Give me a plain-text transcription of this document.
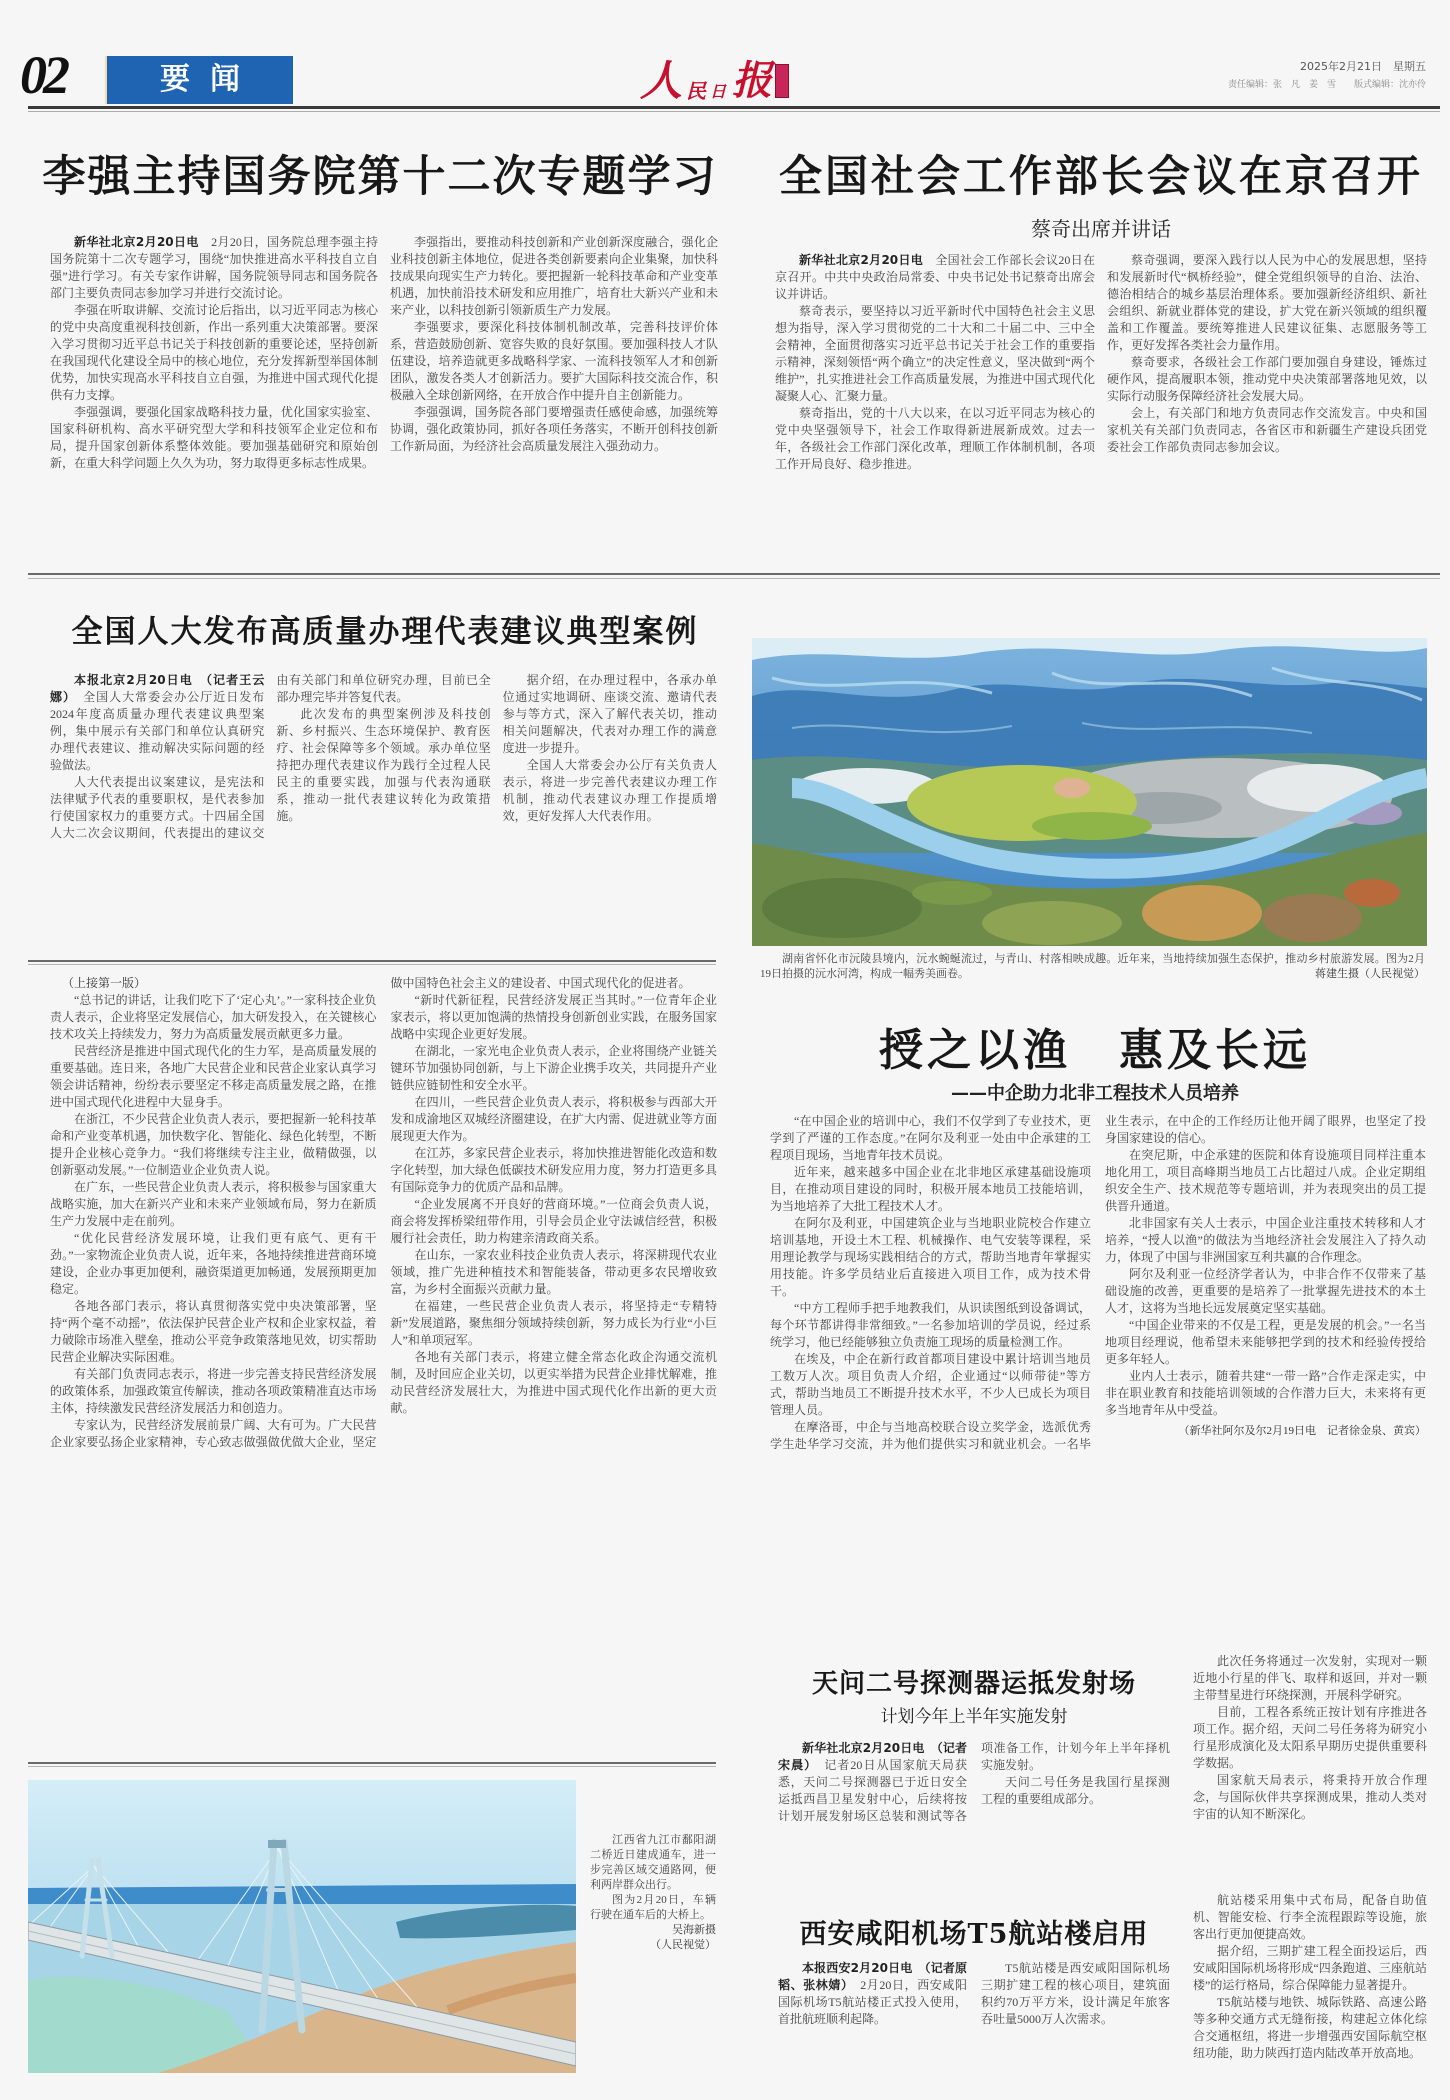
02	要闻	人 民 日 报	2025年2月21日　星期五
责任编辑：张　凡　姜　雪　　版式编辑：沈亦伶
李强主持国务院第十二次专题学习

新华社北京2月20日电　 2月20日，国务院总理李强主持国务院第十二次专题学习，围绕“加快推进高水平科技自立自强”进行学习。有关专家作讲解，国务院领导同志和国务院各部门主要负责同志参加学习并进行交流讨论。

李强在听取讲解、交流讨论后指出，以习近平同志为核心的党中央高度重视科技创新，作出一系列重大决策部署。要深入学习贯彻习近平总书记关于科技创新的重要论述，坚持创新在我国现代化建设全局中的核心地位，充分发挥新型举国体制优势，加快实现高水平科技自立自强，为推进中国式现代化提供有力支撑。

李强强调，要强化国家战略科技力量，优化国家实验室、国家科研机构、高水平研究型大学和科技领军企业定位和布局，提升国家创新体系整体效能。要加强基础研究和原始创新，在重大科学问题上久久为功，努力取得更多标志性成果。

李强指出，要推动科技创新和产业创新深度融合，强化企业科技创新主体地位，促进各类创新要素向企业集聚，加快科技成果向现实生产力转化。要把握新一轮科技革命和产业变革机遇，加快前沿技术研发和应用推广，培育壮大新兴产业和未来产业，以科技创新引领新质生产力发展。

李强要求，要深化科技体制机制改革，完善科技评价体系，营造鼓励创新、宽容失败的良好氛围。要加强科技人才队伍建设，培养造就更多战略科学家、一流科技领军人才和创新团队，激发各类人才创新活力。要扩大国际科技交流合作，积极融入全球创新网络，在开放合作中提升自主创新能力。

李强强调，国务院各部门要增强责任感使命感，加强统筹协调，强化政策协同，抓好各项任务落实，不断开创科技创新工作新局面，为经济社会高质量发展注入强劲动力。

全国社会工作部长会议在京召开
蔡奇出席并讲话

新华社北京2月20日电　 全国社会工作部长会议20日在京召开。中共中央政治局常委、中央书记处书记蔡奇出席会议并讲话。

蔡奇表示，要坚持以习近平新时代中国特色社会主义思想为指导，深入学习贯彻党的二十大和二十届二中、三中全会精神，全面贯彻落实习近平总书记关于社会工作的重要指示精神，深刻领悟“两个确立”的决定性意义，坚决做到“两个维护”，扎实推进社会工作高质量发展，为推进中国式现代化凝聚人心、汇聚力量。

蔡奇指出，党的十八大以来，在以习近平同志为核心的党中央坚强领导下，社会工作取得新进展新成效。过去一年，各级社会工作部门深化改革，理顺工作体制机制，各项工作开局良好、稳步推进。

蔡奇强调，要深入践行以人民为中心的发展思想，坚持和发展新时代“枫桥经验”，健全党组织领导的自治、法治、德治相结合的城乡基层治理体系。要加强新经济组织、新社会组织、新就业群体党的建设，扩大党在新兴领域的组织覆盖和工作覆盖。要统筹推进人民建议征集、志愿服务等工作，更好发挥各类社会力量作用。

蔡奇要求，各级社会工作部门要加强自身建设，锤炼过硬作风，提高履职本领，推动党中央决策部署落地见效，以实际行动服务保障经济社会发展大局。

会上，有关部门和地方负责同志作交流发言。中央和国家机关有关部门负责同志，各省区市和新疆生产建设兵团党委社会工作部负责同志参加会议。

全国人大发布高质量办理代表建议典型案例

本报北京2月20日电　（记者王云娜）　 全国人大常委会办公厅近日发布2024年度高质量办理代表建议典型案例，集中展示有关部门和单位认真研究办理代表建议、推动解决实际问题的经验做法。

人大代表提出议案建议，是宪法和法律赋予代表的重要职权，是代表参加行使国家权力的重要方式。十四届全国人大二次会议期间，代表提出的建议交由有关部门和单位研究办理，目前已全部办理完毕并答复代表。

此次发布的典型案例涉及科技创新、乡村振兴、生态环境保护、教育医疗、社会保障等多个领域。承办单位坚持把办理代表建议作为践行全过程人民民主的重要实践，加强与代表沟通联系，推动一批代表建议转化为政策措施。

据介绍，在办理过程中，各承办单位通过实地调研、座谈交流、邀请代表参与等方式，深入了解代表关切，推动相关问题解决，代表对办理工作的满意度进一步提升。

全国人大常委会办公厅有关负责人表示，将进一步完善代表建议办理工作机制，推动代表建议办理工作提质增效，更好发挥人大代表作用。

湖南省怀化市沅陵县境内，沅水蜿蜒流过，与青山、村落相映成趣。近年来，当地持续加强生态保护，推动乡村旅游发展。图为2月19日拍摄的沅水河湾，构成一幅秀美画卷。	蒋建生摄（人民视觉）

（上接第一版）

“总书记的讲话，让我们吃下了‘定心丸’。”一家科技企业负责人表示，企业将坚定发展信心，加大研发投入，在关键核心技术攻关上持续发力，努力为高质量发展贡献更多力量。

民营经济是推进中国式现代化的生力军，是高质量发展的重要基础。连日来，各地广大民营企业和民营企业家认真学习领会讲话精神，纷纷表示要坚定不移走高质量发展之路，在推进中国式现代化进程中大显身手。

在浙江，不少民营企业负责人表示，要把握新一轮科技革命和产业变革机遇，加快数字化、智能化、绿色化转型，不断提升企业核心竞争力。“我们将继续专注主业，做精做强，以创新驱动发展。”一位制造业企业负责人说。

在广东，一些民营企业负责人表示，将积极参与国家重大战略实施，加大在新兴产业和未来产业领域布局，努力在新质生产力发展中走在前列。

“优化民营经济发展环境，让我们更有底气、更有干劲。”一家物流企业负责人说，近年来，各地持续推进营商环境建设，企业办事更加便利，融资渠道更加畅通，发展预期更加稳定。

各地各部门表示，将认真贯彻落实党中央决策部署，坚持“两个毫不动摇”，依法保护民营企业产权和企业家权益，着力破除市场准入壁垒，推动公平竞争政策落地见效，切实帮助民营企业解决实际困难。

有关部门负责同志表示，将进一步完善支持民营经济发展的政策体系，加强政策宣传解读，推动各项政策精准直达市场主体，持续激发民营经济发展活力和创造力。

专家认为，民营经济发展前景广阔、大有可为。广大民营企业家要弘扬企业家精神，专心致志做强做优做大企业，坚定做中国特色社会主义的建设者、中国式现代化的促进者。

“新时代新征程，民营经济发展正当其时。”一位青年企业家表示，将以更加饱满的热情投身创新创业实践，在服务国家战略中实现企业更好发展。

在湖北，一家光电企业负责人表示，企业将围绕产业链关键环节加强协同创新，与上下游企业携手攻关，共同提升产业链供应链韧性和安全水平。

在四川，一些民营企业负责人表示，将积极参与西部大开发和成渝地区双城经济圈建设，在扩大内需、促进就业等方面展现更大作为。

在江苏，多家民营企业表示，将加快推进智能化改造和数字化转型，加大绿色低碳技术研发应用力度，努力打造更多具有国际竞争力的优质产品和品牌。

“企业发展离不开良好的营商环境。”一位商会负责人说，商会将发挥桥梁纽带作用，引导会员企业守法诚信经营，积极履行社会责任，助力构建亲清政商关系。

在山东，一家农业科技企业负责人表示，将深耕现代农业领域，推广先进种植技术和智能装备，带动更多农民增收致富，为乡村全面振兴贡献力量。

在福建，一些民营企业负责人表示，将坚持走“专精特新”发展道路，聚焦细分领域持续创新，努力成长为行业“小巨人”和单项冠军。

各地有关部门表示，将建立健全常态化政企沟通交流机制，及时回应企业关切，以更实举措为民营企业排忧解难，推动民营经济发展壮大，为推进中国式现代化作出新的更大贡献。

江西省九江市鄱阳湖二桥近日建成通车，进一步完善区域交通路网，便利两岸群众出行。

图为2月20日，车辆行驶在通车后的大桥上。

吴海新摄
（人民视觉）
授之以渔　惠及长远
——中企助力北非工程技术人员培养

“在中国企业的培训中心，我们不仅学到了专业技术，更学到了严谨的工作态度。”在阿尔及利亚一处由中企承建的工程项目现场，当地青年技术员说。

近年来，越来越多中国企业在北非地区承建基础设施项目，在推动项目建设的同时，积极开展本地员工技能培训，为当地培养了大批工程技术人才。

在阿尔及利亚，中国建筑企业与当地职业院校合作建立培训基地，开设土木工程、机械操作、电气安装等课程，采用理论教学与现场实践相结合的方式，帮助当地青年掌握实用技能。许多学员结业后直接进入项目工作，成为技术骨干。

“中方工程师手把手地教我们，从识读图纸到设备调试，每个环节都讲得非常细致。”一名参加培训的学员说，经过系统学习，他已经能够独立负责施工现场的质量检测工作。

在埃及，中企在新行政首都项目建设中累计培训当地员工数万人次。项目负责人介绍，企业通过“以师带徒”等方式，帮助当地员工不断提升技术水平，不少人已成长为项目管理人员。

在摩洛哥，中企与当地高校联合设立奖学金，选派优秀学生赴华学习交流，并为他们提供实习和就业机会。一名毕业生表示，在中企的工作经历让他开阔了眼界，也坚定了投身国家建设的信心。

在突尼斯，中企承建的医院和体育设施项目同样注重本地化用工，项目高峰期当地员工占比超过八成。企业定期组织安全生产、技术规范等专题培训，并为表现突出的员工提供晋升通道。

北非国家有关人士表示，中国企业注重技术转移和人才培养，“授人以渔”的做法为当地经济社会发展注入了持久动力，体现了中国与非洲国家互利共赢的合作理念。

阿尔及利亚一位经济学者认为，中非合作不仅带来了基础设施的改善，更重要的是培养了一批掌握先进技术的本土人才，这将为当地长远发展奠定坚实基础。

“中国企业带来的不仅是工程，更是发展的机会。”一名当地项目经理说，他希望未来能够把学到的技术和经验传授给更多年轻人。

业内人士表示，随着共建“一带一路”合作走深走实，中非在职业教育和技能培训领域的合作潜力巨大，未来将有更多当地青年从中受益。

（新华社阿尔及尔2月19日电　记者徐金泉、黄宾）

天问二号探测器运抵发射场
计划今年上半年实施发射

新华社北京2月20日电　（记者宋晨）　 记者20日从国家航天局获悉，天问二号探测器已于近日安全运抵西昌卫星发射中心，后续将按计划开展发射场区总装和测试等各项准备工作，计划今年上半年择机实施发射。

天问二号任务是我国行星探测工程的重要组成部分。

此次任务将通过一次发射，实现对一颗近地小行星的伴飞、取样和返回，并对一颗主带彗星进行环绕探测，开展科学研究。

目前，工程各系统正按计划有序推进各项工作。据介绍，天问二号任务将为研究小行星形成演化及太阳系早期历史提供重要科学数据。

国家航天局表示，将秉持开放合作理念，与国际伙伴共享探测成果，推动人类对宇宙的认知不断深化。

西安咸阳机场T5航站楼启用

本报西安2月20日电　（记者原韬、张林婧）　 2月20日，西安咸阳国际机场T5航站楼正式投入使用，首批航班顺利起降。

T5航站楼是西安咸阳国际机场三期扩建工程的核心项目，建筑面积约70万平方米，设计满足年旅客吞吐量5000万人次需求。

航站楼采用集中式布局，配备自助值机、智能安检、行李全流程跟踪等设施，旅客出行更加便捷高效。

据介绍，三期扩建工程全面投运后，西安咸阳国际机场将形成“四条跑道、三座航站楼”的运行格局，综合保障能力显著提升。

T5航站楼与地铁、城际铁路、高速公路等多种交通方式无缝衔接，构建起立体化综合交通枢纽，将进一步增强西安国际航空枢纽功能，助力陕西打造内陆改革开放高地。
